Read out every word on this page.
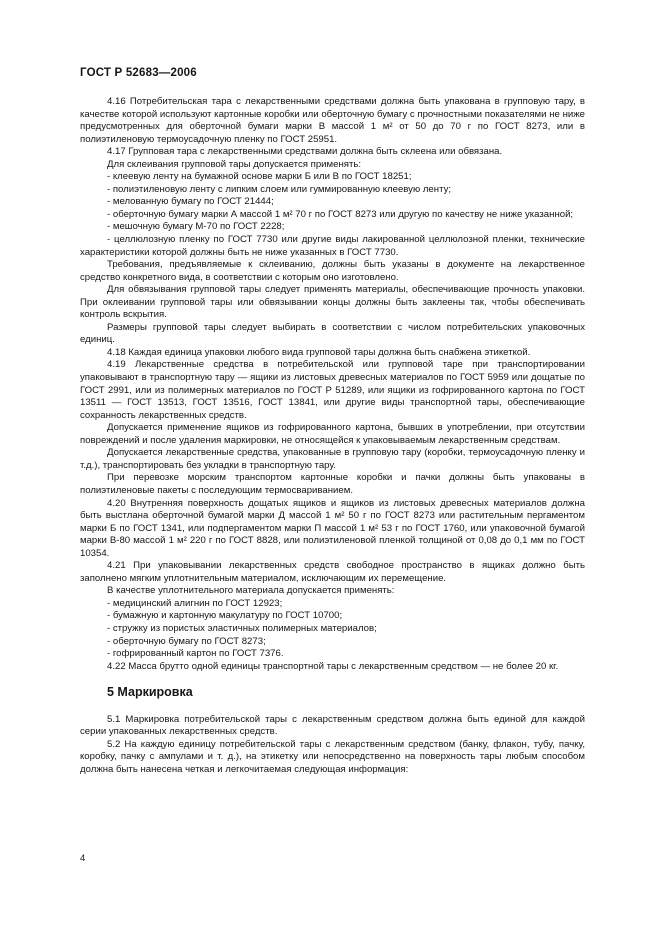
ГОСТ Р 52683—2006

4.16 Потребительская тара с лекарственными средствами должна быть упакована в групповую тару, в качестве которой используют картонные коробки или оберточную бумагу с прочностными показателями не ниже предусмотренных для оберточной бумаги марки В массой 1 м² от 50 до 70 г по ГОСТ 8273, или в полиэтиленовую термоусадочную пленку по ГОСТ 25951.

4.17 Групповая тара с лекарственными средствами должна быть склеена или обвязана.

Для склеивания групповой тары допускается применять:

- клеевую ленту на бумажной основе марки Б или В по ГОСТ 18251;

- полиэтиленовую ленту с липким слоем или гуммированную клеевую ленту;

- мелованную бумагу по ГОСТ 21444;

- оберточную бумагу марки А массой 1 м² 70 г по ГОСТ 8273 или другую по качеству не ниже указанной;

- мешочную бумагу М-70 по ГОСТ 2228;

- целлюлозную пленку по ГОСТ 7730 или другие виды лакированной целлюлозной пленки, технические характеристики которой должны быть не ниже указанных в ГОСТ 7730.

Требования, предъявляемые к склеиванию, должны быть указаны в документе на лекарственное средство конкретного вида, в соответствии с которым оно изготовлено.

Для обвязывания групповой тары следует применять материалы, обеспечивающие прочность упаковки. При оклеивании групповой тары или обвязывании концы должны быть заклеены так, чтобы обеспечивать контроль вскрытия.

Размеры групповой тары следует выбирать в соответствии с числом потребительских упаковочных единиц.

4.18 Каждая единица упаковки любого вида групповой тары должна быть снабжена этикеткой.

4.19 Лекарственные средства в потребительской или групповой таре при транспортировании упаковывают в транспортную тару — ящики из листовых древесных материалов по ГОСТ 5959 или дощатые по ГОСТ 2991, или из полимерных материалов по ГОСТ Р 51289, или ящики из гофрированного картона по ГОСТ 13511 — ГОСТ 13513, ГОСТ 13516, ГОСТ 13841, или другие виды транспортной тары, обеспечивающие сохранность лекарственных средств.

Допускается применение ящиков из гофрированного картона, бывших в употреблении, при отсутствии повреждений и после удаления маркировки, не относящейся к упаковываемым лекарственным средствам.

Допускается лекарственные средства, упакованные в групповую тару (коробки, термоусадочную пленку и т.д.), транспортировать без укладки в транспортную тару.

При перевозке морским транспортом картонные коробки и пачки должны быть упакованы в полиэтиленовые пакеты с последующим термосвариванием.

4.20 Внутренняя поверхность дощатых ящиков и ящиков из листовых древесных материалов должна быть выстлана оберточной бумагой марки Д массой 1 м² 50 г по ГОСТ 8273 или растительным пергаментом марки Б по ГОСТ 1341, или подпергаментом марки П массой 1 м² 53 г по ГОСТ 1760, или упаковочной бумагой марки В-80 массой 1 м² 220 г по ГОСТ 8828, или полиэтиленовой пленкой толщиной от 0,08 до 0,1 мм по ГОСТ 10354.

4.21 При упаковывании лекарственных средств свободное пространство в ящиках должно быть заполнено мягким уплотнительным материалом, исключающим их перемещение.

В качестве уплотнительного материала допускается применять:

- медицинский алигнин по ГОСТ 12923;

- бумажную и картонную макулатуру по ГОСТ 10700;

- стружку из пористых эластичных полимерных материалов;

- оберточную бумагу по ГОСТ 8273;

- гофрированный картон по ГОСТ 7376.

4.22 Масса брутто одной единицы транспортной тары с лекарственным средством — не более 20 кг.

5 Маркировка

5.1 Маркировка потребительской тары с лекарственным средством должна быть единой для каждой серии упакованных лекарственных средств.

5.2 На каждую единицу потребительской тары с лекарственным средством (банку, флакон, тубу, пачку, коробку, пачку с ампулами и т. д.), на этикетку или непосредственно на поверхность тары любым способом должна быть нанесена четкая и легкочитаемая следующая информация:

4
